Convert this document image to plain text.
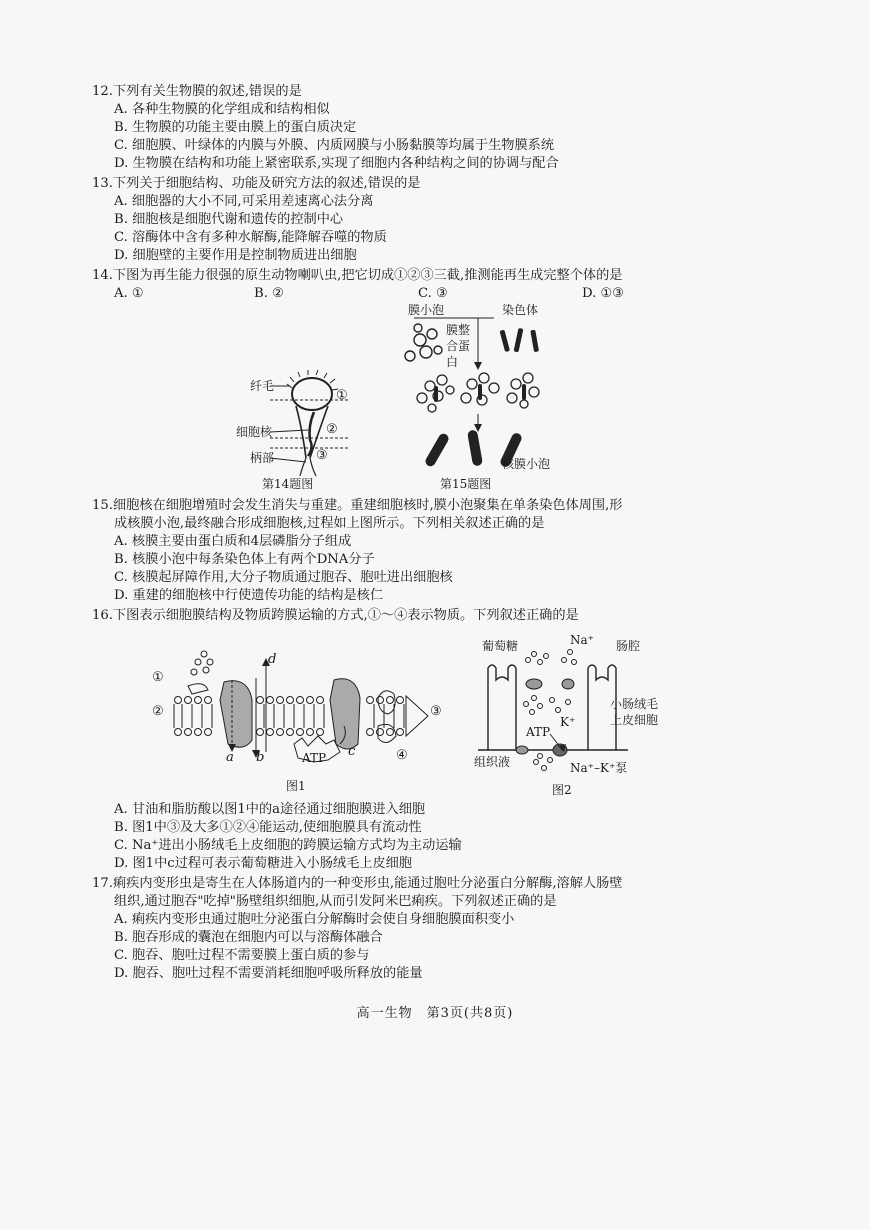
12.下列有关生物膜的叙述,错误的是
A. 各种生物膜的化学组成和结构相似
B. 生物膜的功能主要由膜上的蛋白质决定
C. 细胞膜、叶绿体的内膜与外膜、内质网膜与小肠黏膜等均属于生物膜系统
D. 生物膜在结构和功能上紧密联系,实现了细胞内各种结构之间的协调与配合
13.下列关于细胞结构、功能及研究方法的叙述,错误的是
A. 细胞器的大小不同,可采用差速离心法分离
B. 细胞核是细胞代谢和遗传的控制中心
C. 溶酶体中含有多种水解酶,能降解吞噬的物质
D. 细胞壁的主要作用是控制物质进出细胞
14.下图为再生能力很强的原生动物喇叭虫,把它切成①②③三截,推测能再生成完整个体的是
A. ①	B. ②	C. ③	D. ①③
纤毛
细胞核
柄部
①
②
③
第14题图
膜小泡	染色体
膜整
合蛋
白
核膜小泡
第15题图
15.细胞核在细胞增殖时会发生消失与重建。重建细胞核时,膜小泡聚集在单条染色体周围,形
成核膜小泡,最终融合形成细胞核,过程如上图所示。下列相关叙述正确的是
A. 核膜主要由蛋白质和4层磷脂分子组成
B. 核膜小泡中每条染色体上有两个DNA分子
C. 核膜起屏障作用,大分子物质通过胞吞、胞吐进出细胞核
D. 重建的细胞核中行使遗传功能的结构是核仁
16.下图表示细胞膜结构及物质跨膜运输的方式,①～④表示物质。下列叙述正确的是
①
②	③
④
a b	c
d
ATP
图1
葡萄糖	Na⁺ 肠腔
小肠绒毛
上皮细胞
ATP
K⁺
组织液	Na⁺–K⁺泵
图2
A. 甘油和脂肪酸以图1中的a途径通过细胞膜进入细胞
B. 图1中③及大多①②④能运动,使细胞膜具有流动性
C. Na⁺进出小肠绒毛上皮细胞的跨膜运输方式均为主动运输
D. 图1中c过程可表示葡萄糖进入小肠绒毛上皮细胞
17.痢疾内变形虫是寄生在人体肠道内的一种变形虫,能通过胞吐分泌蛋白分解酶,溶解人肠壁
组织,通过胞吞"吃掉"肠壁组织细胞,从而引发阿米巴痢疾。下列叙述正确的是
A. 痢疾内变形虫通过胞吐分泌蛋白分解酶时会使自身细胞膜面积变小
B. 胞吞形成的囊泡在细胞内可以与溶酶体融合
C. 胞吞、胞吐过程不需要膜上蛋白质的参与
D. 胞吞、胞吐过程不需要消耗细胞呼吸所释放的能量
高一生物　第3页(共8页)
